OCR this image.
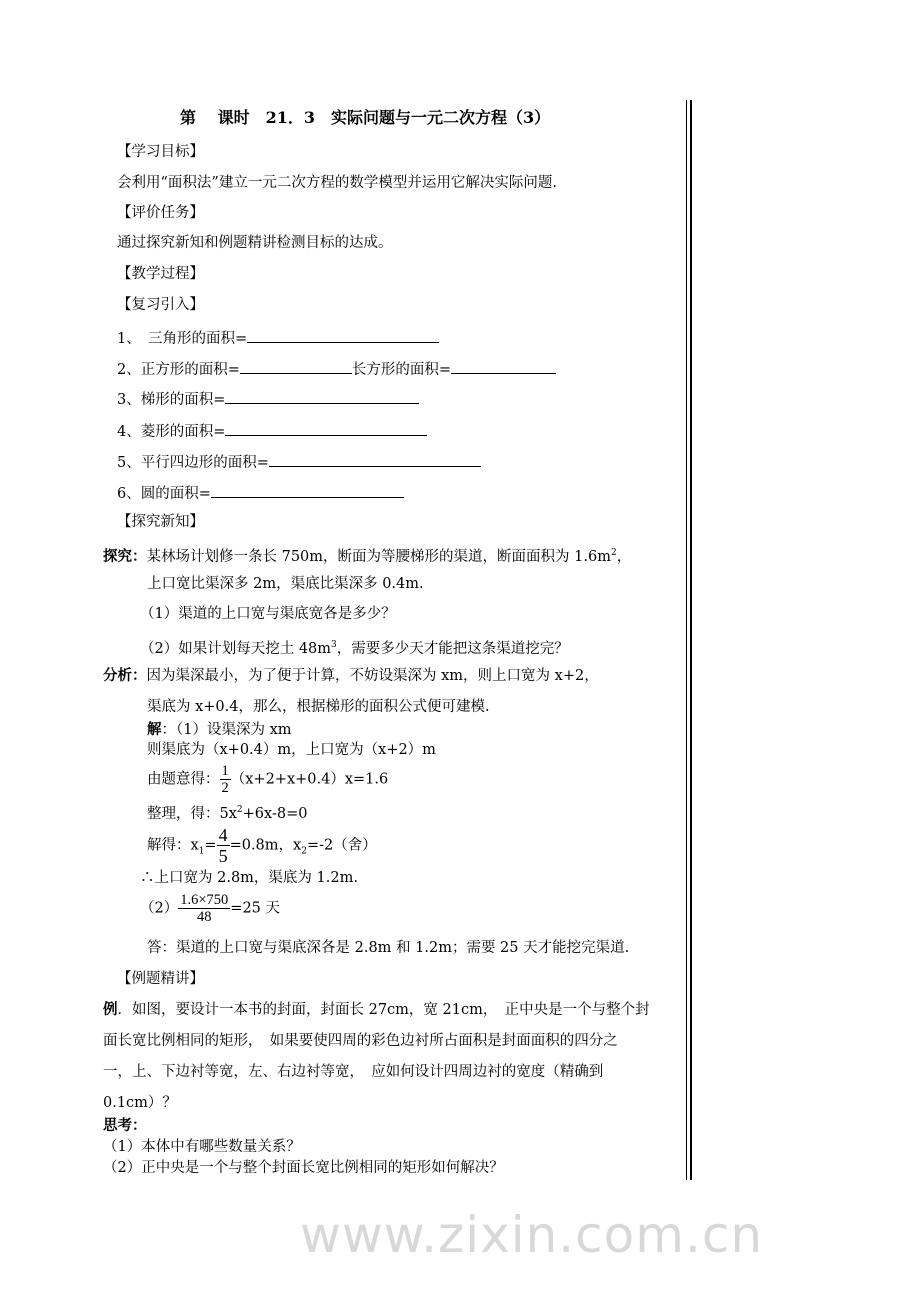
www.zixin.com.cn
第　 课时　21．3　实际问题与一元二次方程（3）
【学习目标】
会利用“面积法”建立一元二次方程的数学模型并运用它解决实际问题.
【评价任务】
通过探究新知和例题精讲检测目标的达成。
【教学过程】
【复习引入】
1、　三角形的面积=
2、正方形的面积=	长方形的面积=
3、梯形的面积=
4、菱形的面积=
5、平行四边形的面积=
6、圆的面积=
【探究新知】
探究：某林场计划修一条长 750m，断面为等腰梯形的渠道，断面面积为 $1.6m^2$，
上口宽比渠深多 2m，渠底比渠深多 0.4m.
（1）渠道的上口宽与渠底宽各是多少？
（2）如果计划每天挖土 $48m^3$，需要多少天才能把这条渠道挖完？
分析：因为渠深最小，为了便于计算，不妨设渠深为 xm，则上口宽为 x+2，
渠底为 x+0.4，那么，根据梯形的面积公式便可建模.
解：（1）设渠深为 xm
则渠底为（x+0.4）m，上口宽为（x+2）m
由题意得： $\frac{1}{2} (x+2+x+0.4)x=1.6$
整理，得：$5x^2+6x-8=0$
解得：$x_1= \frac{4}{5} =0.8m$，$x_2=-2$（舍）
∴上口宽为 2.8m，渠底为 1.2m.
$(2) \frac{1.6\times 750}{48} =25$ 天
答：渠道的上口宽与渠底深各是 2.8m 和 1.2m；需要 25 天才能挖完渠道.
【例题精讲】
例．如图，要设计一本书的封面，封面长 27cm，宽 21cm，　正中央是一个与整个封
面长宽比例相同的矩形，　如果要使四周的彩色边衬所占面积是封面面积的四分之
一，上、下边衬等宽，左、右边衬等宽，　应如何设计四周边衬的宽度（精确到
0.1cm）？
思考：
（1）本体中有哪些数量关系？
（2）正中央是一个与整个封面长宽比例相同的矩形如何解决？
